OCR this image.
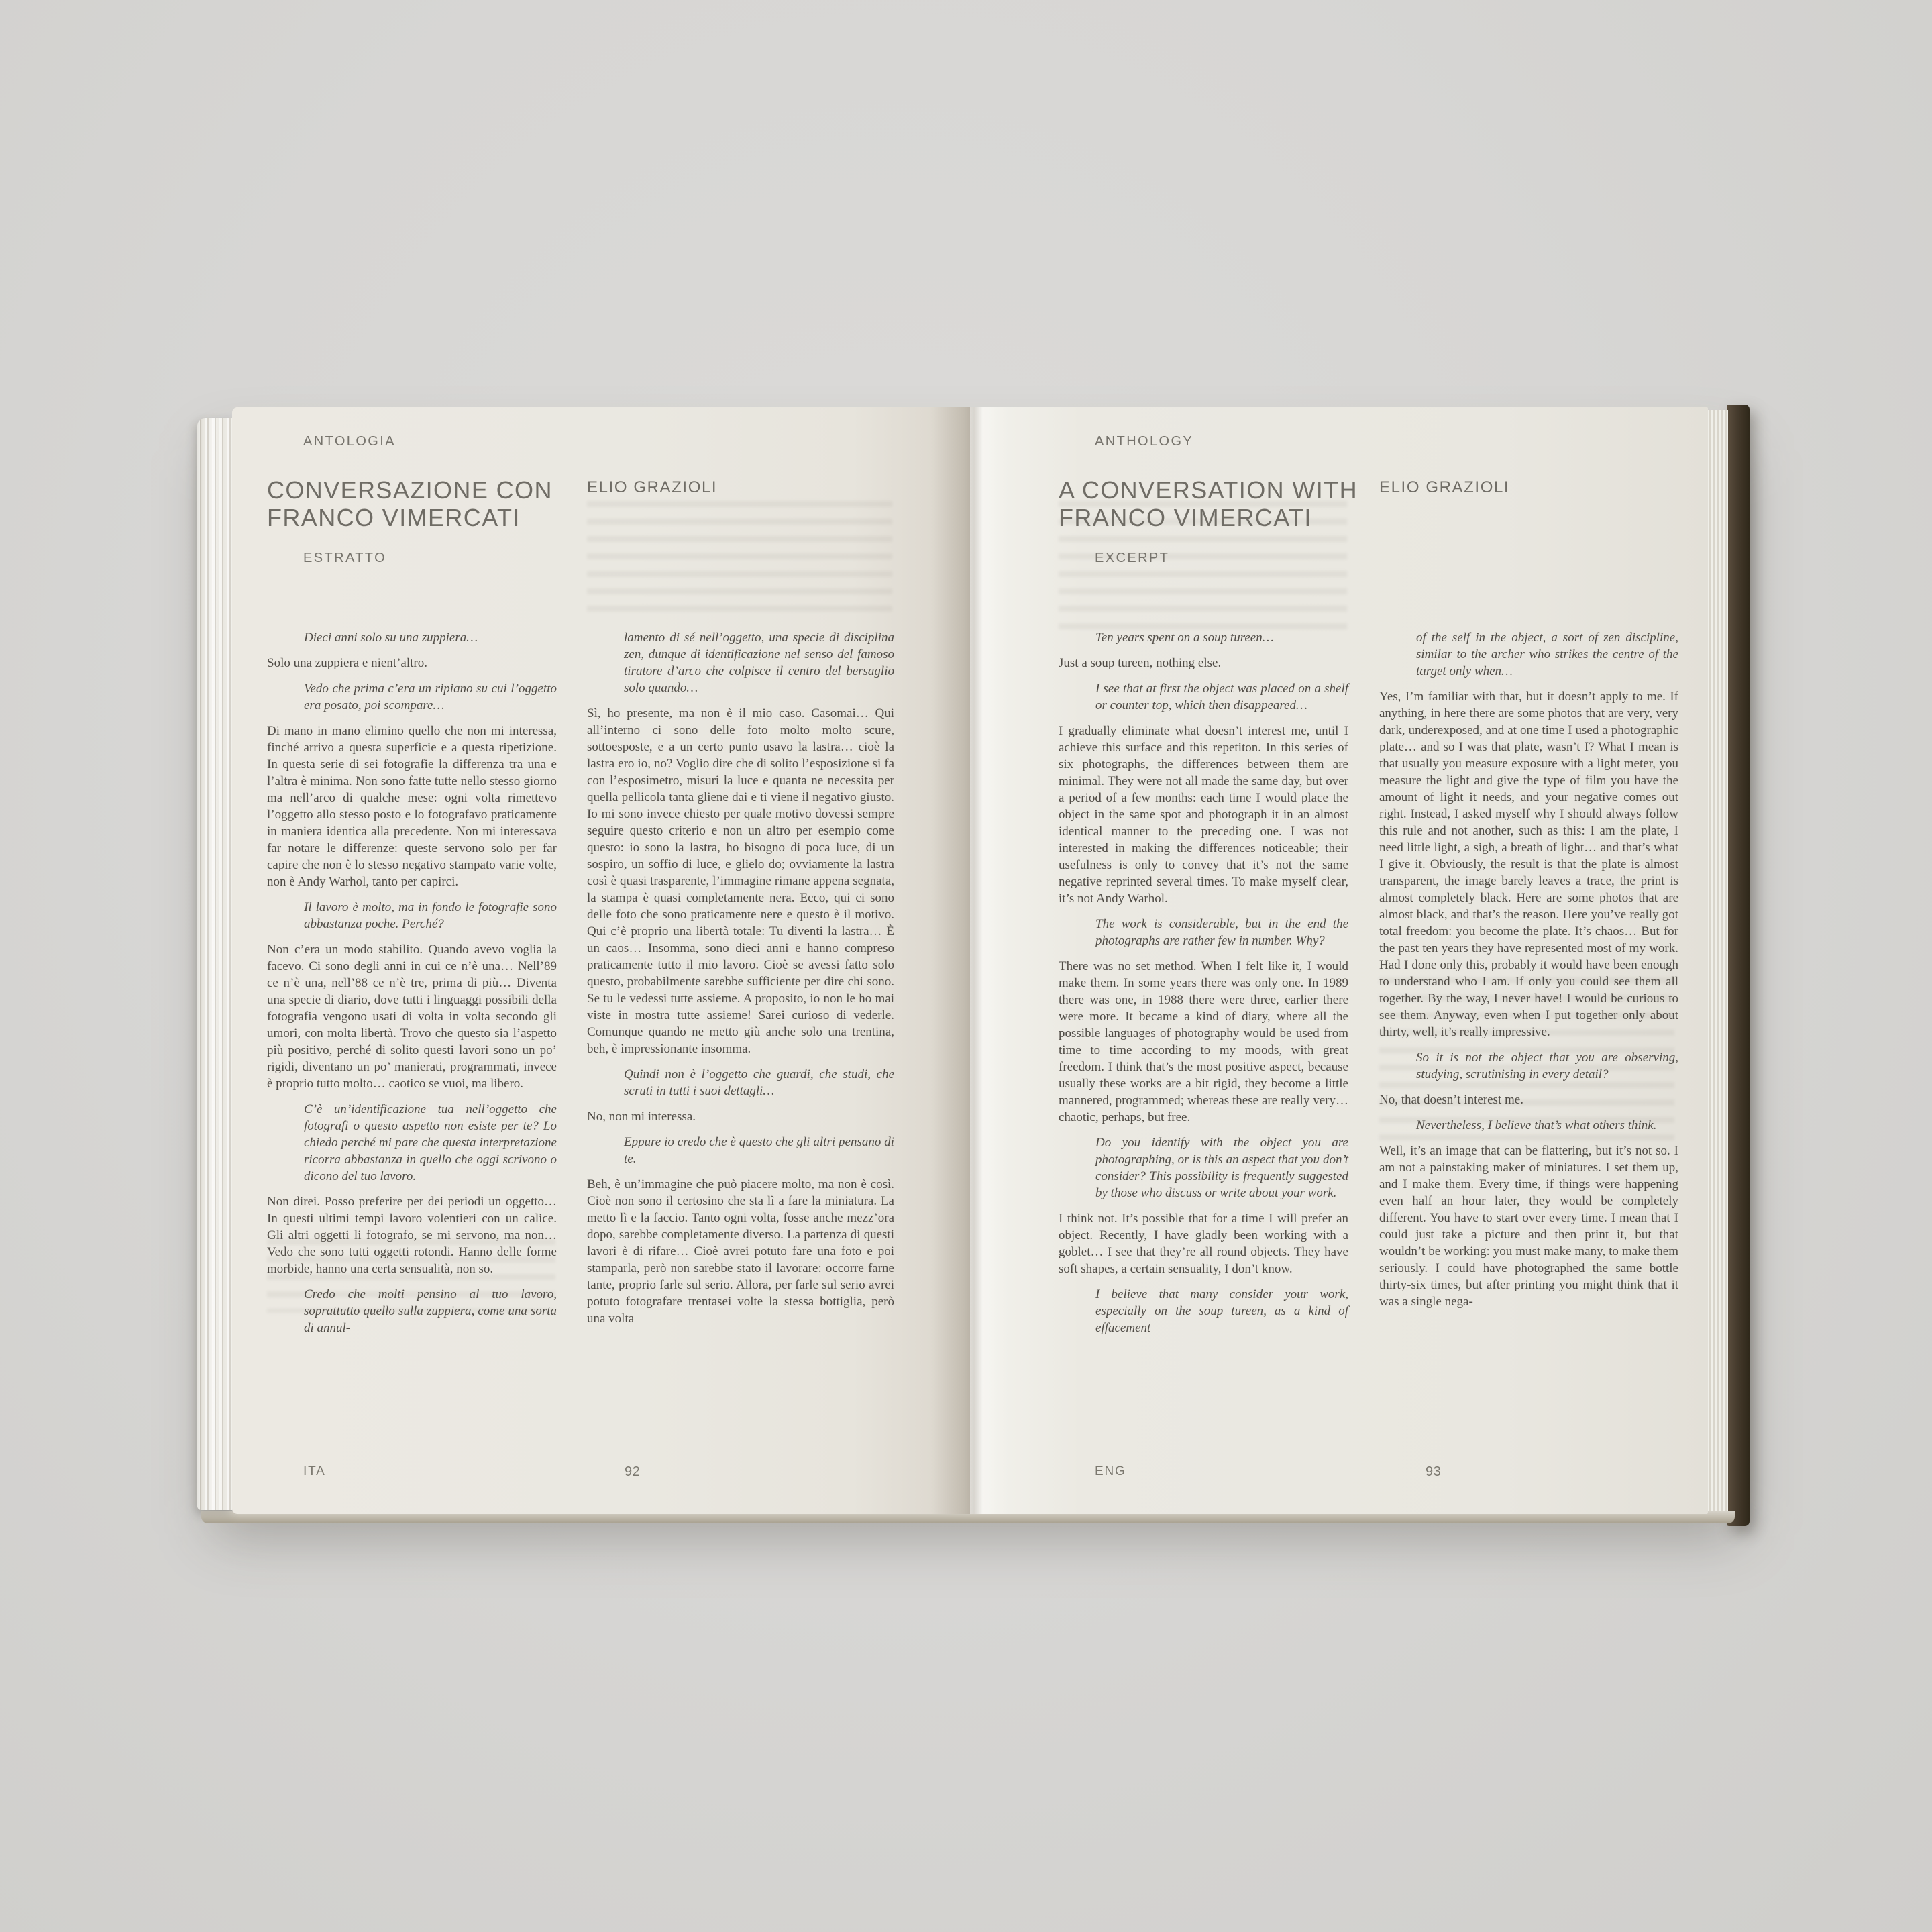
ANTOLOGIA
CONVERSAZIONE CON
FRANCO VIMERCATI
ELIO GRAZIOLI
ESTRATTO

Dieci anni solo su una zuppiera…

Solo una zuppiera e nient’altro.

Vedo che prima c’era un ripiano su cui l’oggetto era posato, poi scompare…

Di mano in mano elimino quello che non mi interessa, finché arrivo a questa superficie e a questa ripetizione. In questa serie di sei fotografie la differenza tra una e l’altra è minima. Non sono fatte tutte nello stesso giorno ma nell’arco di qualche mese: ogni volta rimettevo l’oggetto allo stesso posto e lo fotografavo praticamente in maniera identica alla precedente. Non mi interessava far notare le differenze: queste servono solo per far capire che non è lo stesso negativo stampato varie volte, non è Andy Warhol, tanto per capirci.

Il lavoro è molto, ma in fondo le fotografie sono abbastanza poche. Perché?

Non c’era un modo stabilito. Quando avevo voglia la facevo. Ci sono degli anni in cui ce n’è una… Nell’89 ce n’è una, nell’88 ce n’è tre, prima di più… Diventa una specie di diario, dove tutti i linguaggi possibili della fotografia vengono usati di volta in volta secondo gli umori, con molta libertà. Trovo che questo sia l’aspetto più positivo, perché di solito questi lavori sono un po’ rigidi, diventano un po’ manierati, programmati, invece è proprio tutto molto… caotico se vuoi, ma libero.

C’è un’identificazione tua nell’oggetto che fotografi o questo aspetto non esiste per te? Lo chiedo perché mi pare che questa interpretazione ricorra abbastanza in quello che oggi scrivono o dicono del tuo lavoro.

Non direi. Posso preferire per dei periodi un oggetto… In questi ultimi tempi lavoro volentieri con un calice. Gli altri oggetti li fotografo, se mi servono, ma non… Vedo che sono tutti oggetti rotondi. Hanno delle forme morbide, hanno una certa sensualità, non so.

Credo che molti pensino al tuo lavoro, soprattutto quello sulla zuppiera, come una sorta di annul-

lamento di sé nell’oggetto, una specie di disciplina zen, dunque di identificazione nel senso del famoso tiratore d’arco che colpisce il centro del bersaglio solo quando…

Sì, ho presente, ma non è il mio caso. Casomai… Qui all’interno ci sono delle foto molto molto scure, sottoesposte, e a un certo punto usavo la lastra… cioè la lastra ero io, no? Voglio dire che di solito l’esposizione si fa con l’esposimetro, misuri la luce e quanta ne necessita per quella pellicola tanta gliene dai e ti viene il negativo giusto. Io mi sono invece chiesto per quale motivo dovessi sempre seguire questo criterio e non un altro per esempio come questo: io sono la lastra, ho bisogno di poca luce, di un sospiro, un soffio di luce, e glielo do; ovviamente la lastra così è quasi trasparente, l’immagine rimane appena segnata, la stampa è quasi completamente nera. Ecco, qui ci sono delle foto che sono praticamente nere e questo è il motivo. Qui c’è proprio una libertà totale: Tu diventi la lastra… È un caos… Insomma, sono dieci anni e hanno compreso praticamente tutto il mio lavoro. Cioè se avessi fatto solo questo, probabilmente sarebbe sufficiente per dire chi sono. Se tu le vedessi tutte assieme. A proposito, io non le ho mai viste in mostra tutte assieme! Sarei curioso di vederle. Comunque quando ne metto giù anche solo una trentina, beh, è impressionante insomma.

Quindi non è l’oggetto che guardi, che studi, che scruti in tutti i suoi dettagli…

No, non mi interessa.

Eppure io credo che è questo che gli altri pensano di te.

Beh, è un’immagine che può piacere molto, ma non è così. Cioè non sono il certosino che sta lì a fare la miniatura. La metto lì e la faccio. Tanto ogni volta, fosse anche mezz’ora dopo, sarebbe completamente diverso. La partenza di questi lavori è di rifare… Cioè avrei potuto fare una foto e poi stamparla, però non sarebbe stato il lavorare: occorre farne tante, proprio farle sul serio. Allora, per farle sul serio avrei potuto fotografare trentasei volte la stessa bottiglia, però una volta

ITA	92
ANTHOLOGY
A CONVERSATION WITH
FRANCO VIMERCATI
ELIO GRAZIOLI
EXCERPT

Ten years spent on a soup tureen…

Just a soup tureen, nothing else.

I see that at first the object was placed on a shelf or counter top, which then disappeared…

I gradually eliminate what doesn’t interest me, until I achieve this surface and this repetiton. In this series of six photographs, the differences between them are minimal. They were not all made the same day, but over a period of a few months: each time I would place the object in the same spot and photograph it in an almost identical manner to the preceding one. I was not interested in making the differences noticeable; their usefulness is only to convey that it’s not the same negative reprinted several times. To make myself clear, it’s not Andy Warhol.

The work is considerable, but in the end the photographs are rather few in number. Why?

There was no set method. When I felt like it, I would make them. In some years there was only one. In 1989 there was one, in 1988 there were three, earlier there were more. It became a kind of diary, where all the possible languages of photography would be used from time to time according to my moods, with great freedom. I think that’s the most positive aspect, because usually these works are a bit rigid, they become a little mannered, programmed; whereas these are really very… chaotic, perhaps, but free.

Do you identify with the object you are photographing, or is this an aspect that you don’t consider? This possibility is frequently suggested by those who discuss or write about your work.

I think not. It’s possible that for a time I will prefer an object. Recently, I have gladly been working with a goblet… I see that they’re all round objects. They have soft shapes, a certain sensuality, I don’t know.

I believe that many consider your work, especially on the soup tureen, as a kind of effacement

of the self in the object, a sort of zen discipline, similar to the archer who strikes the centre of the target only when…

Yes, I’m familiar with that, but it doesn’t apply to me. If anything, in here there are some photos that are very, very dark, underexposed, and at one time I used a photographic plate… and so I was that plate, wasn’t I? What I mean is that usually you measure exposure with a light meter, you measure the light and give the type of film you have the amount of light it needs, and your negative comes out right. Instead, I asked myself why I should always follow this rule and not another, such as this: I am the plate, I need little light, a sigh, a breath of light… and that’s what I give it. Obviously, the result is that the plate is almost transparent, the image barely leaves a trace, the print is almost completely black. Here are some photos that are almost black, and that’s the reason. Here you’ve really got total freedom: you become the plate. It’s chaos… But for the past ten years they have represented most of my work. Had I done only this, probably it would have been enough to understand who I am. If only you could see them all together. By the way, I never have! I would be curious to see them. Anyway, even when I put together only about thirty, well, it’s really impressive.

So it is not the object that you are observing, studying, scrutinising in every detail?

No, that doesn’t interest me.

Nevertheless, I believe that’s what others think.

Well, it’s an image that can be flattering, but it’s not so. I am not a painstaking maker of miniatures. I set them up, and I make them. Every time, if things were happening even half an hour later, they would be completely different. You have to start over every time. I mean that I could just take a picture and then print it, but that wouldn’t be working: you must make many, to make them seriously. I could have photographed the same bottle thirty-six times, but after printing you might think that it was a single nega-

ENG	93
